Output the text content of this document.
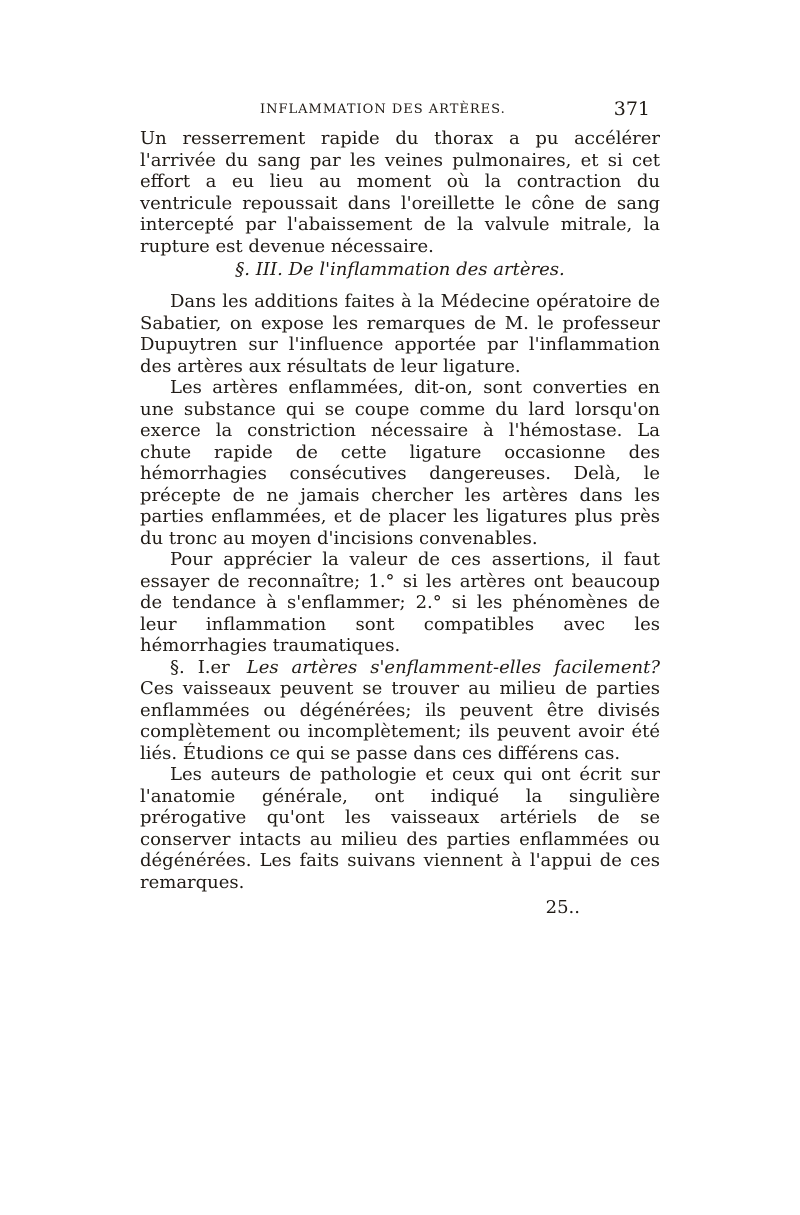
INFLAMMATION DES ARTÈRES.	371

Un resserrement rapide du thorax a pu accélérer l'arrivée du sang par les veines pulmonaires, et si cet effort a eu lieu au moment où la contraction du ventricule repoussait dans l'oreillette le cône de sang intercepté par l'abaissement de la valvule mitrale, la rupture est devenue nécessaire.

§. III. De l'inflammation des artères.

Dans les additions faites à la Médecine opératoire de Sabatier, on expose les remarques de M. le professeur Dupuytren sur l'influence apportée par l'inflammation des artères aux résultats de leur ligature.

Les artères enflammées, dit-on, sont converties en une substance qui se coupe comme du lard lorsqu'on exerce la constriction nécessaire à l'hémostase. La chute rapide de cette ligature occasionne des hémorrhagies consécutives dangereuses. Delà, le précepte de ne jamais chercher les artères dans les parties enflammées, et de placer les ligatures plus près du tronc au moyen d'incisions convenables.

Pour apprécier la valeur de ces assertions, il faut essayer de reconnaître; 1.° si les artères ont beaucoup de tendance à s'enflammer; 2.° si les phénomènes de leur inflammation sont compatibles avec les hémorrhagies traumatiques.

§. I.er Les artères s'enflamment-elles facilement? Ces vaisseaux peuvent se trouver au milieu de parties enflammées ou dégénérées; ils peuvent être divisés complètement ou incomplètement; ils peuvent avoir été liés. Étudions ce qui se passe dans ces différens cas.

Les auteurs de pathologie et ceux qui ont écrit sur l'anatomie générale, ont indiqué la singulière prérogative qu'ont les vaisseaux artériels de se conserver intacts au milieu des parties enflammées ou dégénérées. Les faits suivans viennent à l'appui de ces remarques.

25..
